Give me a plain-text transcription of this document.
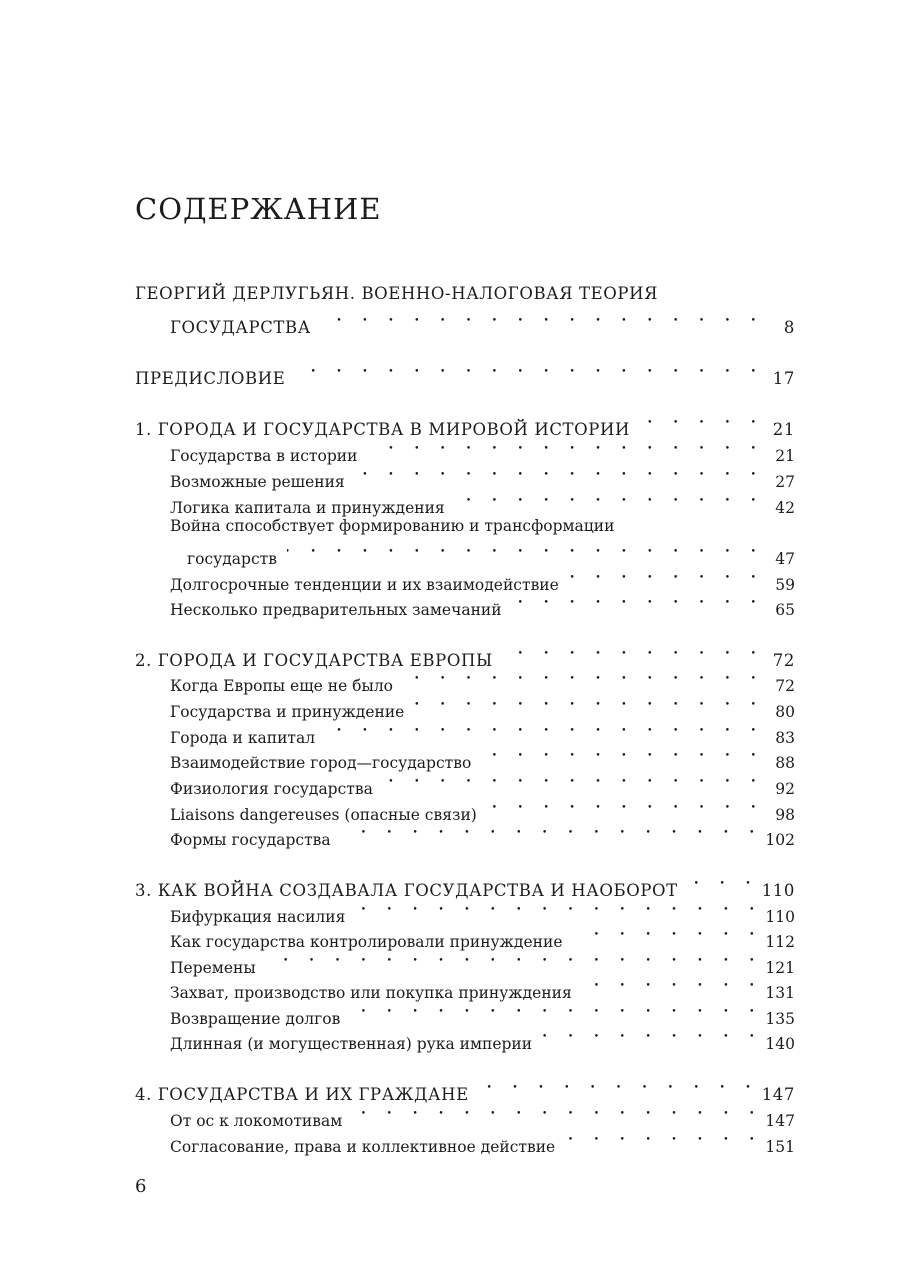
СОДЕРЖАНИЕ
ГЕОРГИЙ ДЕРЛУГЬЯН. ВОЕННО-НАЛОГОВАЯ ТЕОРИЯ
ГОСУДАРСТВА • •	8
ПРЕДИСЛОВИЕ • •	17
1. ГОРОДА И ГОСУДАРСТВА В МИРОВОЙ ИСТОРИИ • •	21
Государства в истории • •	21
Возможные решения • •	27
Логика капитала и принуждения • •	42
Война способствует формированию и трансформации
государств • •	47
Долгосрочные тенденции и их взаимодействие • •	59
Несколько предварительных замечаний • •	65
2. ГОРОДА И ГОСУДАРСТВА ЕВРОПЫ • •	72
Когда Европы еще не было • •	72
Государства и принуждение • •	80
Города и капитал • •	83
Взаимодействие город—государство • •	88
Физиология государства • •	92
Liaisons dangereuses (опасные связи) • •	98
Формы государства • •	102
3. КАК ВОЙНА СОЗДАВАЛА ГОСУДАРСТВА И НАОБОРОТ • •	110
Бифуркация насилия • •	110
Как государства контролировали принуждение • •	112
Перемены • •	121
Захват, производство или покупка принуждения • •	131
Возвращение долгов • •	135
Длинная (и могущественная) рука империи • •	140
4. ГОСУДАРСТВА И ИХ ГРАЖДАНЕ • •	147
От ос к локомотивам • •	147
Согласование, права и коллективное действие • •	151
6
